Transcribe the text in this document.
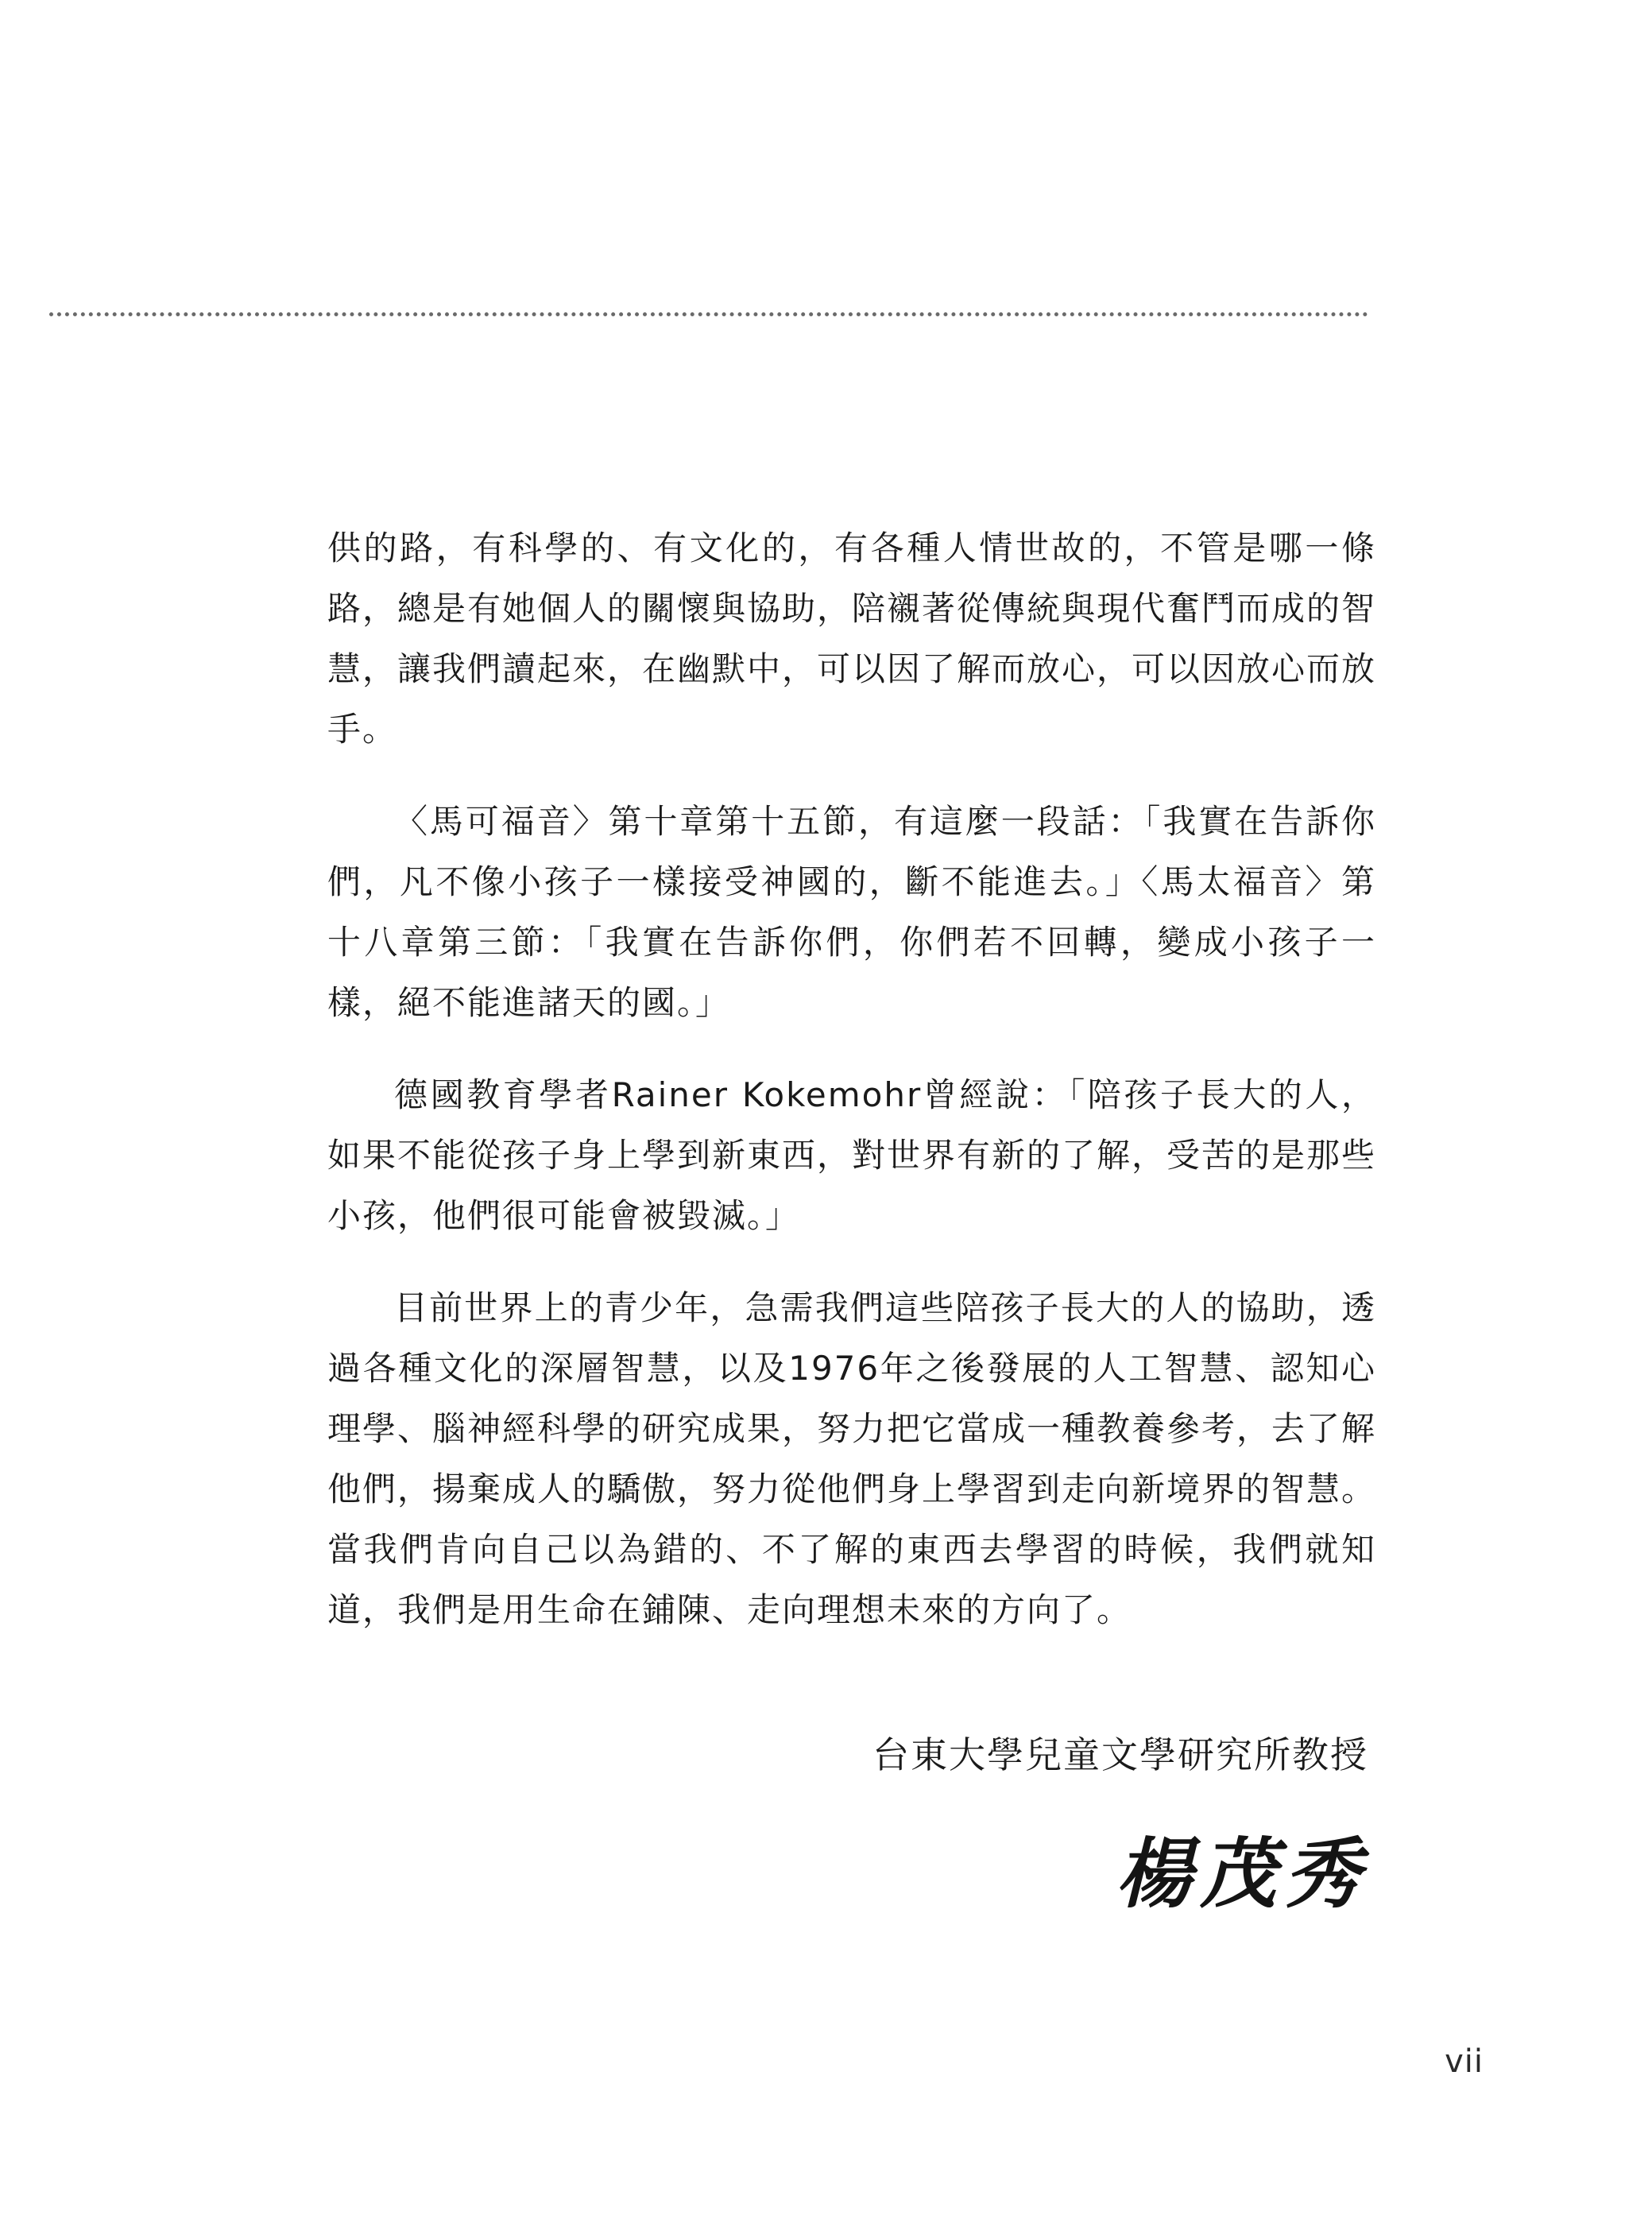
供的路，有科學的、有文化的，有各種人情世故的，不管是哪一條路，總是有她個人的關懷與協助，陪襯著從傳統與現代奮鬥而成的智慧，讓我們讀起來，在幽默中，可以因了解而放心，可以因放心而放手。

〈馬可福音〉第十章第十五節，有這麼一段話：「我實在告訴你們，凡不像小孩子一樣接受神國的，斷不能進去。」〈馬太福音〉第十八章第三節：「我實在告訴你們，你們若不回轉，變成小孩子一樣，絕不能進諸天的國。」

德國教育學者Rainer Kokemohr曾經說：「陪孩子長大的人，如果不能從孩子身上學到新東西，對世界有新的了解，受苦的是那些小孩，他們很可能會被毀滅。」

目前世界上的青少年，急需我們這些陪孩子長大的人的協助，透過各種文化的深層智慧，以及1976年之後發展的人工智慧、認知心理學、腦神經科學的研究成果，努力把它當成一種教養參考，去了解他們，揚棄成人的驕傲，努力從他們身上學習到走向新境界的智慧。當我們肯向自己以為錯的、不了解的東西去學習的時候，我們就知道，我們是用生命在鋪陳、走向理想未來的方向了。

台東大學兒童文學研究所教授
楊茂秀
vii
